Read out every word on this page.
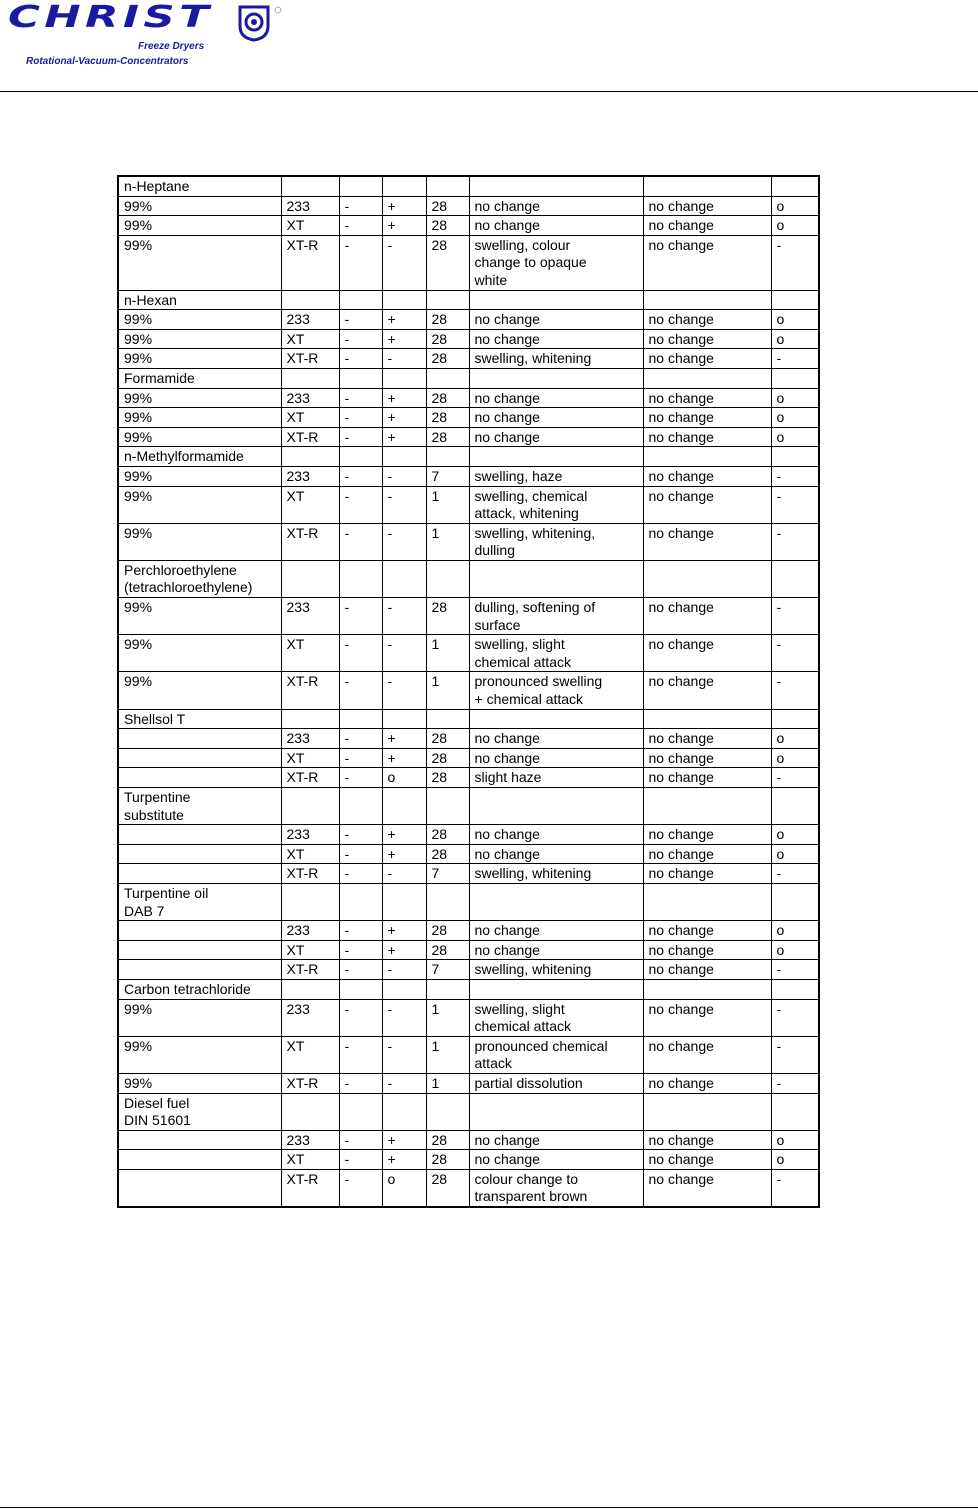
CHRIST
Freeze Dryers
Rotational-Vacuum-Concentrators
n-Heptane							
99%	233	-	+	28	no change	no change	o
99%	XT	-	+	28	no change	no change	o
99%	XT-R	-	-	28	swelling, colour
change to opaque
white	no change	-
n-Hexan							
99%	233	-	+	28	no change	no change	o
99%	XT	-	+	28	no change	no change	o
99%	XT-R	-	-	28	swelling, whitening	no change	-
Formamide							
99%	233	-	+	28	no change	no change	o
99%	XT	-	+	28	no change	no change	o
99%	XT-R	-	+	28	no change	no change	o
n-Methylformamide							
99%	233	-	-	7	swelling, haze	no change	-
99%	XT	-	-	1	swelling, chemical
attack, whitening	no change	-
99%	XT-R	-	-	1	swelling, whitening,
dulling	no change	-
Perchloroethylene
(tetrachloroethylene)							
99%	233	-	-	28	dulling, softening of
surface	no change	-
99%	XT	-	-	1	swelling, slight
chemical attack	no change	-
99%	XT-R	-	-	1	pronounced swelling
+ chemical attack	no change	-
Shellsol T							
	233	-	+	28	no change	no change	o
	XT	-	+	28	no change	no change	o
	XT-R	-	o	28	slight haze	no change	-
Turpentine
substitute							
	233	-	+	28	no change	no change	o
	XT	-	+	28	no change	no change	o
	XT-R	-	-	7	swelling, whitening	no change	-
Turpentine oil
DAB 7							
	233	-	+	28	no change	no change	o
	XT	-	+	28	no change	no change	o
	XT-R	-	-	7	swelling, whitening	no change	-
Carbon tetrachloride							
99%	233	-	-	1	swelling, slight
chemical attack	no change	-
99%	XT	-	-	1	pronounced chemical
attack	no change	-
99%	XT-R	-	-	1	partial dissolution	no change	-
Diesel fuel
DIN 51601							
	233	-	+	28	no change	no change	o
	XT	-	+	28	no change	no change	o
	XT-R	-	o	28	colour change to
transparent brown	no change	-
